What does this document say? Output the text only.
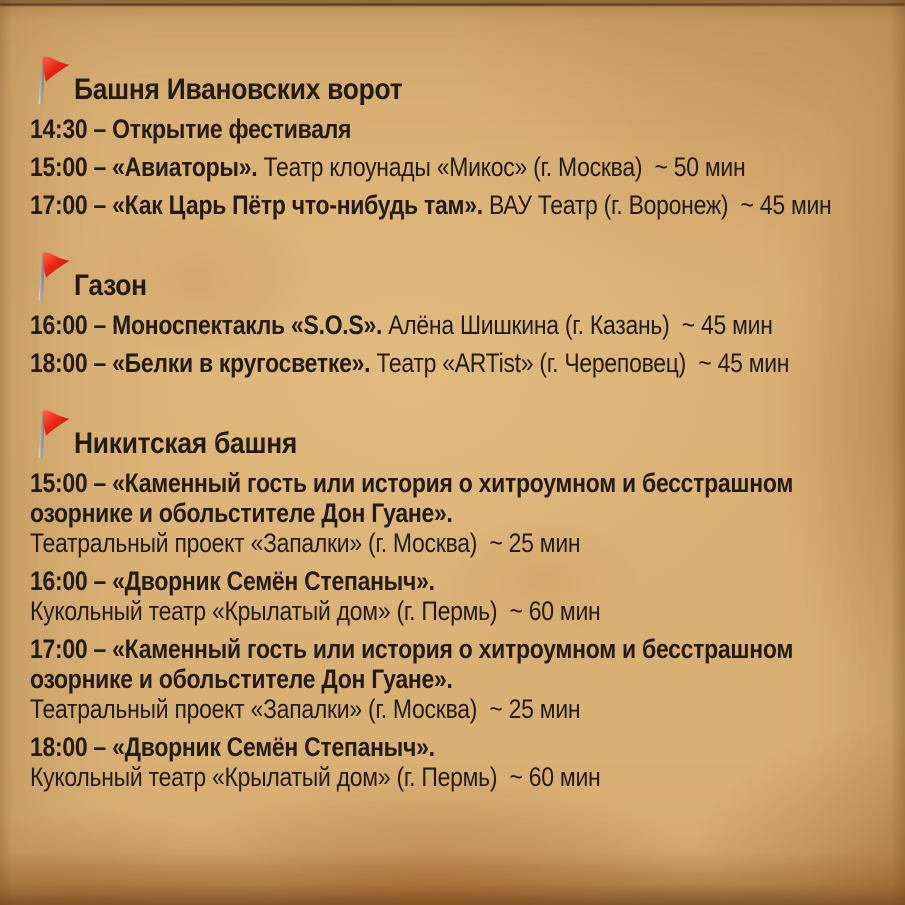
Башня Ивановских ворот
14:30 – Открытие фестиваля
15:00 – «Авиаторы». Театр клоунады «Микос» (г. Москва)  ~ 50 мин
17:00 – «Как Царь Пётр что-нибудь там». ВАУ Театр (г. Воронеж)  ~ 45 мин
Газон
16:00 – Моноспектакль «S.O.S». Алёна Шишкина (г. Казань)  ~ 45 мин
18:00 – «Белки в кругосветке». Театр «ARTist» (г. Череповец)  ~ 45 мин
Никитская башня
15:00 – «Каменный гость или история о хитроумном и бесстрашном
озорнике и обольстителе Дон Гуане».
Театральный проект «Запалки» (г. Москва)  ~ 25 мин
16:00 – «Дворник Семён Степаныч».
Кукольный театр «Крылатый дом» (г. Пермь)  ~ 60 мин
17:00 – «Каменный гость или история о хитроумном и бесстрашном
озорнике и обольстителе Дон Гуане».
Театральный проект «Запалки» (г. Москва)  ~ 25 мин
18:00 – «Дворник Семён Степаныч».
Кукольный театр «Крылатый дом» (г. Пермь)  ~ 60 мин
